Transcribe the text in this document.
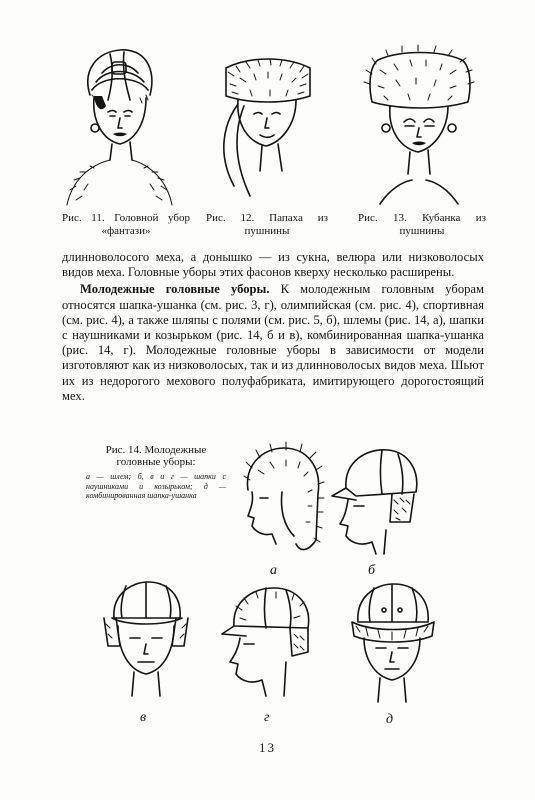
Рис. 11. Головной убор «фантази»
Рис. 12. Папаха из пушнины
Рис. 13. Кубанка из пушнины

длинноволосого меха, а донышко — из сукна, велюра или низковолосых видов меха. Головные уборы этих фасонов кверху несколько расширены.

Молодежные головные уборы. К молодежным головным уборам относятся шапка-ушанка (см. рис. 3, г), олимпийская (см. рис. 4), спортивная (см. рис. 4), а также шляпы с полями (см. рис. 5, б), шлемы (рис. 14, а), шапки с наушниками и козырьком (рис. 14, б и в), комбинированная шапка-ушанка (рис. 14, г). Молодежные головные уборы в зависимости от модели изготовляют как из низковолосых, так и из длинноволосых видов меха. Шьют их из недорогого мехового полуфабриката, имитирующего дорогостоящий мех.

Рис. 14. Молодежные головные уборы:
а — шлем; б, в и г — шапки с наушниками и козырьком; д — комбинированная шапка-ушанка
а	б
в	г	д
13
